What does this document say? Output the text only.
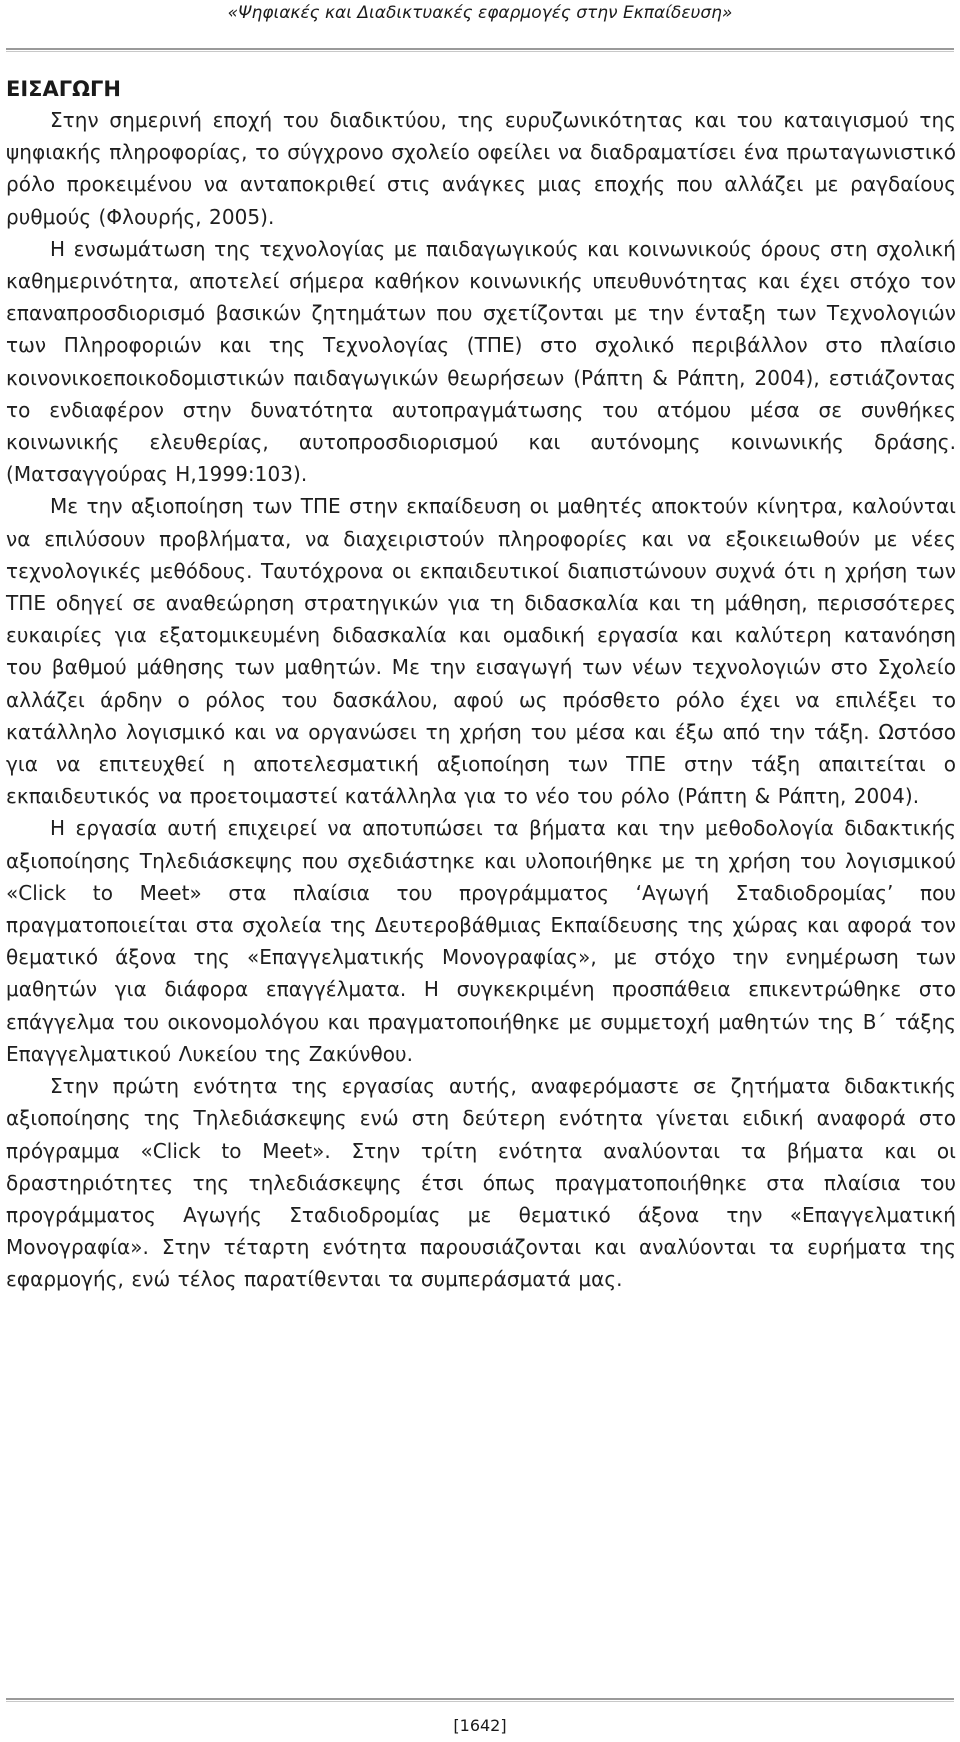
«Ψηφιακές και Διαδικτυακές εφαρμογές στην Εκπαίδευση»
ΕΙΣΑΓΩΓΗ

Στην σημερινή εποχή του διαδικτύου, της ευρυζωνικότητας και του καταιγισμού της ψηφιακής πληροφορίας, το σύγχρονο σχολείο οφείλει να διαδραματίσει ένα πρωταγωνιστικό ρόλο προκειμένου να ανταποκριθεί στις ανάγκες μιας εποχής που αλλάζει με ραγδαίους ρυθμούς (Φλουρής, 2005).

Η ενσωμάτωση της τεχνολογίας με παιδαγωγικούς και κοινωνικούς όρους στη σχολική καθημερινότητα, αποτελεί σήμερα καθήκον κοινωνικής υπευθυνότητας και έχει στόχο τον επαναπροσδιορισμό βασικών ζητημάτων που σχετίζονται με την ένταξη των Τεχνολογιών των Πληροφοριών και της Τεχνολογίας (ΤΠΕ) στο σχολικό περιβάλλον στο πλαίσιο κοινονικοεποικοδομιστικών παιδαγωγικών θεωρήσεων (Ράπτη & Ράπτη, 2004), εστιάζοντας το ενδιαφέρον στην δυνατότητα αυτοπραγμάτωσης του ατόμου μέσα σε συνθήκες κοινωνικής ελευθερίας, αυτοπροσδιορισμού και αυτόνομης κοινωνικής δράσης. (Ματσαγγούρας Η,1999:103).

Με την αξιοποίηση των ΤΠΕ στην εκπαίδευση οι μαθητές αποκτούν κίνητρα, καλούνται να επιλύσουν προβλήματα, να διαχειριστούν πληροφορίες και να εξοικειωθούν με νέες τεχνολογικές μεθόδους. Ταυτόχρονα οι εκπαιδευτικοί διαπιστώνουν συχνά ότι η χρήση των ΤΠΕ οδηγεί σε αναθεώρηση στρατηγικών για τη διδασκαλία και τη μάθηση, περισσότερες ευκαιρίες για εξατομικευμένη διδασκαλία και ομαδική εργασία και καλύτερη κατανόηση του βαθμού μάθησης των μαθητών. Με την εισαγωγή των νέων τεχνολογιών στο Σχολείο αλλάζει άρδην ο ρόλος του δασκάλου, αφού ως πρόσθετο ρόλο έχει να επιλέξει το κατάλληλο λογισμικό και να οργανώσει τη χρήση του μέσα και έξω από την τάξη. Ωστόσο για να επιτευχθεί η αποτελεσματική αξιοποίηση των ΤΠΕ στην τάξη απαιτείται ο εκπαιδευτικός να προετοιμαστεί κατάλληλα για το νέο του ρόλο (Ράπτη & Ράπτη, 2004).

Η εργασία αυτή επιχειρεί να αποτυπώσει τα βήματα και την μεθοδολογία διδακτικής αξιοποίησης Τηλεδιάσκεψης που σχεδιάστηκε και υλοποιήθηκε με τη χρήση του λογισμικού «Click to Meet» στα πλαίσια του προγράμματος ‘Αγωγή Σταδιοδρομίας’ που πραγματοποιείται στα σχολεία της Δευτεροβάθμιας Εκπαίδευσης της χώρας και αφορά τον θεματικό άξονα της «Επαγγελματικής Μονογραφίας», με στόχο την ενημέρωση των μαθητών για διάφορα επαγγέλματα. Η συγκεκριμένη προσπάθεια επικεντρώθηκε στο επάγγελμα του οικονομολόγου και πραγματοποιήθηκε με συμμετοχή μαθητών της Β΄ τάξης Επαγγελματικού Λυκείου της Ζακύνθου.

Στην πρώτη ενότητα της εργασίας αυτής, αναφερόμαστε σε ζητήματα διδακτικής αξιοποίησης της Τηλεδιάσκεψης ενώ στη δεύτερη ενότητα γίνεται ειδική αναφορά στο πρόγραμμα «Click to Meet». Στην τρίτη ενότητα αναλύονται τα βήματα και οι δραστηριότητες της τηλεδιάσκεψης έτσι όπως πραγματοποιήθηκε στα πλαίσια του προγράμματος Αγωγής Σταδιοδρομίας με θεματικό άξονα την «Επαγγελματική Μονογραφία». Στην τέταρτη ενότητα παρουσιάζονται και αναλύονται τα ευρήματα της εφαρμογής, ενώ τέλος παρατίθενται τα συμπεράσματά μας.

[1642]
